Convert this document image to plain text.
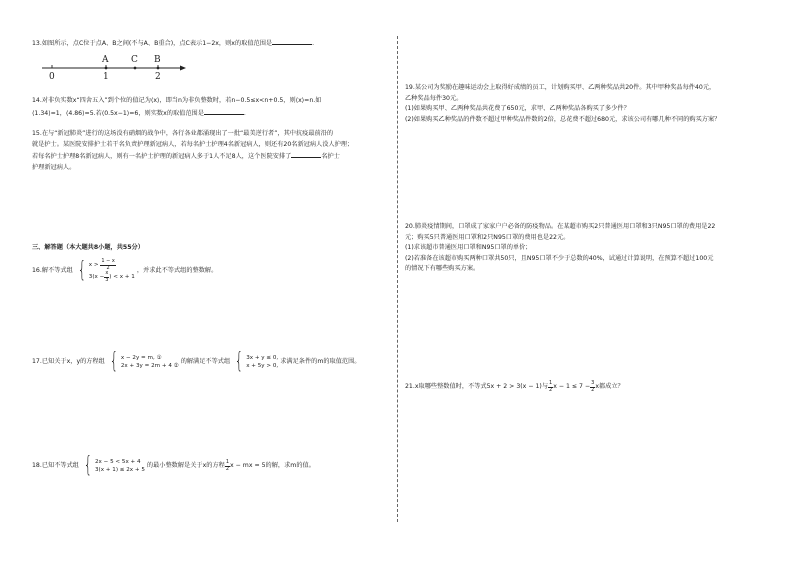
13.如图所示，点C位于点A、B之间(不与A、B重合)，点C表示1−2x，则x的取值范围是	.
A	C B
0	1	2
14.对非负实数x“四舍五入”到个位的值记为⟨x⟩，即当n为非负整数时，若n−0.5≤x<n+0.5，则⟨x⟩=n.如
⟨1.34⟩=1，⟨4.86⟩=5.若⟨0.5x−1⟩=6，则实数x的取值范围是	.
15.在与“新冠肺炎”进行的这场没有硝烟的战争中，各行各业都涌现出了一批“最美逆行者”，其中抗疫最前沿的
就是护士。某医院安排护士若干名负责护理新冠病人，若每名护士护理4名新冠病人，则还有20名新冠病人没人护理；
若每名护士护理8名新冠病人，则有一名护士护理的新冠病人多于1人不足8人，这个医院安排了	名护士
护理新冠病人。
三、解答题（本大题共8小题，共55分）
16.解不等式组 { x >
$\frac{1 - x}{2}$
$3(x - \frac{x}{3}$ ) < x + 1
，并求此不等式组的整数解。
17.已知关于x，y的方程组 { x − 2y = m, ①
2x + 3y = 2m + 4 ②
的解满足不等式组 { 3x + y ≤ 0,
x + 5y > 0,
求满足条件的m的取值范围。
18.已知不等式组 { 2x − 5 < 5x + 4
3(x + 1) ≤ 2x + 5
的最小整数解是关于x的方程 $\frac{1}{2}$ x − mx = 5的解，求m的值。
19.某公司为奖励在趣味运动会上取得好成绩的员工，计划购买甲、乙两种奖品共20件。其中甲种奖品每件40元，
乙种奖品每件30元。
(1)如果购买甲、乙两种奖品共花费了650元，求甲、乙两种奖品各购买了多少件？
(2)如果购买乙种奖品的件数不超过甲种奖品件数的2倍，总花费不超过680元，求该公司有哪几种不同的购买方案？
20.肺炎疫情期间，口罩成了家家户户必备的防疫物品。在某超市购买2只普通医用口罩和3只N95口罩的费用是22
元；购买5只普通医用口罩和2只N95口罩的费用也是22元。
(1)求该超市普通医用口罩和N95口罩的单价；
(2)若准备在该超市购买两种口罩共50只，且N95口罩不少于总数的40%，试通过计算说明，在预算不超过100元
的情况下有哪些购买方案。
21.x取哪些整数值时，不等式5x + 2 > 3(x − 1)与 $\frac{1}{2}$ $x - 1 \le 7 - \frac{3}{2}$ x都成立？
